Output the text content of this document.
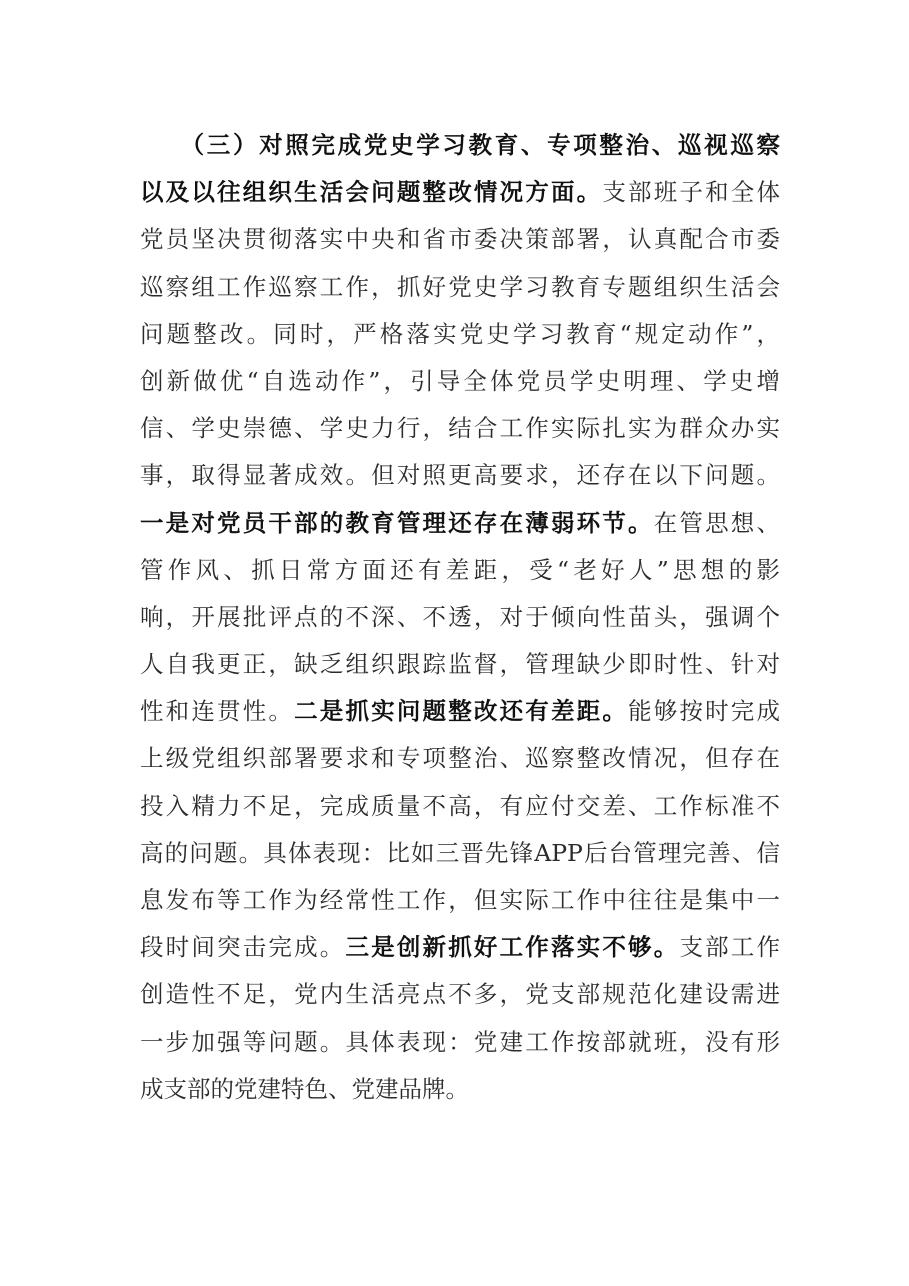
　　（三）对照完成党史学习教育、专项整治、巡视巡察
以及以往组织生活会问题整改情况方面。支部班子和全体
党员坚决贯彻落实中央和省市委决策部署，认真配合市委
巡察组工作巡察工作，抓好党史学习教育专题组织生活会
问题整改。同时，严格落实党史学习教育“规定动作”，
创新做优“自选动作”，引导全体党员学史明理、学史增
信、学史崇德、学史力行，结合工作实际扎实为群众办实
事，取得显著成效。但对照更高要求，还存在以下问题。
一是对党员干部的教育管理还存在薄弱环节。在管思想、
管作风、抓日常方面还有差距，受“老好人”思想的影
响，开展批评点的不深、不透，对于倾向性苗头，强调个
人自我更正，缺乏组织跟踪监督，管理缺少即时性、针对
性和连贯性。二是抓实问题整改还有差距。能够按时完成
上级党组织部署要求和专项整治、巡察整改情况，但存在
投入精力不足，完成质量不高，有应付交差、工作标准不
高的问题。具体表现：比如三晋先锋APP后台管理完善、信
息发布等工作为经常性工作，但实际工作中往往是集中一
段时间突击完成。三是创新抓好工作落实不够。支部工作
创造性不足，党内生活亮点不多，党支部规范化建设需进
一步加强等问题。具体表现：党建工作按部就班，没有形
成支部的党建特色、党建品牌。
